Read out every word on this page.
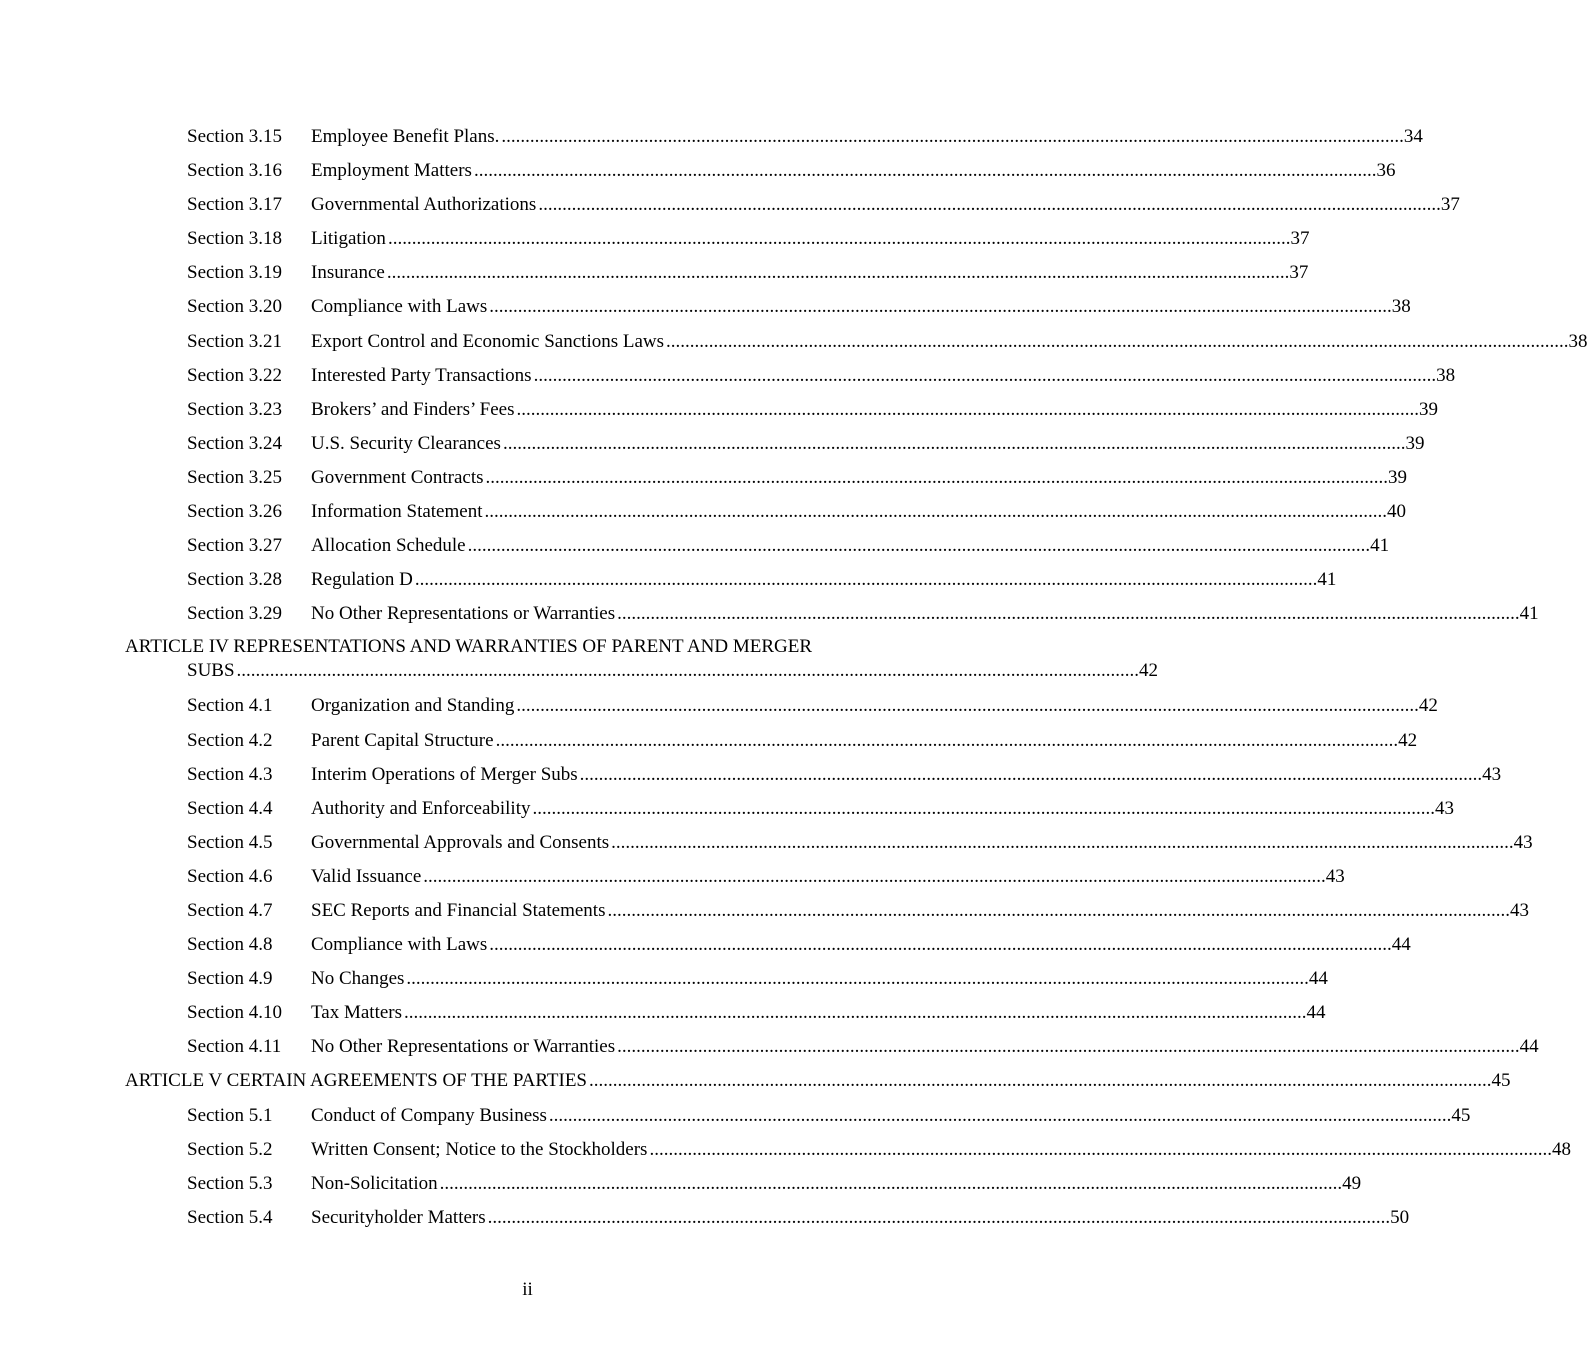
Section 3.15 Employee Benefit Plans. .............................................................................................................................................................................................. 34
Section 3.16 Employment Matters .............................................................................................................................................................................................. 36
Section 3.17 Governmental Authorizations .............................................................................................................................................................................................. 37
Section 3.18 Litigation .............................................................................................................................................................................................. 37
Section 3.19 Insurance .............................................................................................................................................................................................. 37
Section 3.20 Compliance with Laws .............................................................................................................................................................................................. 38
Section 3.21 Export Control and Economic Sanctions Laws .............................................................................................................................................................................................. 38
Section 3.22 Interested Party Transactions .............................................................................................................................................................................................. 38
Section 3.23 Brokers’ and Finders’ Fees .............................................................................................................................................................................................. 39
Section 3.24 U.S. Security Clearances .............................................................................................................................................................................................. 39
Section 3.25 Government Contracts .............................................................................................................................................................................................. 39
Section 3.26 Information Statement .............................................................................................................................................................................................. 40
Section 3.27 Allocation Schedule .............................................................................................................................................................................................. 41
Section 3.28 Regulation D .............................................................................................................................................................................................. 41
Section 3.29 No Other Representations or Warranties .............................................................................................................................................................................................. 41
ARTICLE IV REPRESENTATIONS AND WARRANTIES OF PARENT AND MERGER
SUBS .............................................................................................................................................................................................. 42
Section 4.1 Organization and Standing .............................................................................................................................................................................................. 42
Section 4.2 Parent Capital Structure .............................................................................................................................................................................................. 42
Section 4.3 Interim Operations of Merger Subs .............................................................................................................................................................................................. 43
Section 4.4 Authority and Enforceability .............................................................................................................................................................................................. 43
Section 4.5 Governmental Approvals and Consents .............................................................................................................................................................................................. 43
Section 4.6 Valid Issuance .............................................................................................................................................................................................. 43
Section 4.7 SEC Reports and Financial Statements .............................................................................................................................................................................................. 43
Section 4.8 Compliance with Laws .............................................................................................................................................................................................. 44
Section 4.9 No Changes .............................................................................................................................................................................................. 44
Section 4.10 Tax Matters .............................................................................................................................................................................................. 44
Section 4.11 No Other Representations or Warranties .............................................................................................................................................................................................. 44
ARTICLE V CERTAIN AGREEMENTS OF THE PARTIES .............................................................................................................................................................................................. 45
Section 5.1 Conduct of Company Business .............................................................................................................................................................................................. 45
Section 5.2 Written Consent; Notice to the Stockholders .............................................................................................................................................................................................. 48
Section 5.3 Non-Solicitation .............................................................................................................................................................................................. 49
Section 5.4 Securityholder Matters .............................................................................................................................................................................................. 50
ii
